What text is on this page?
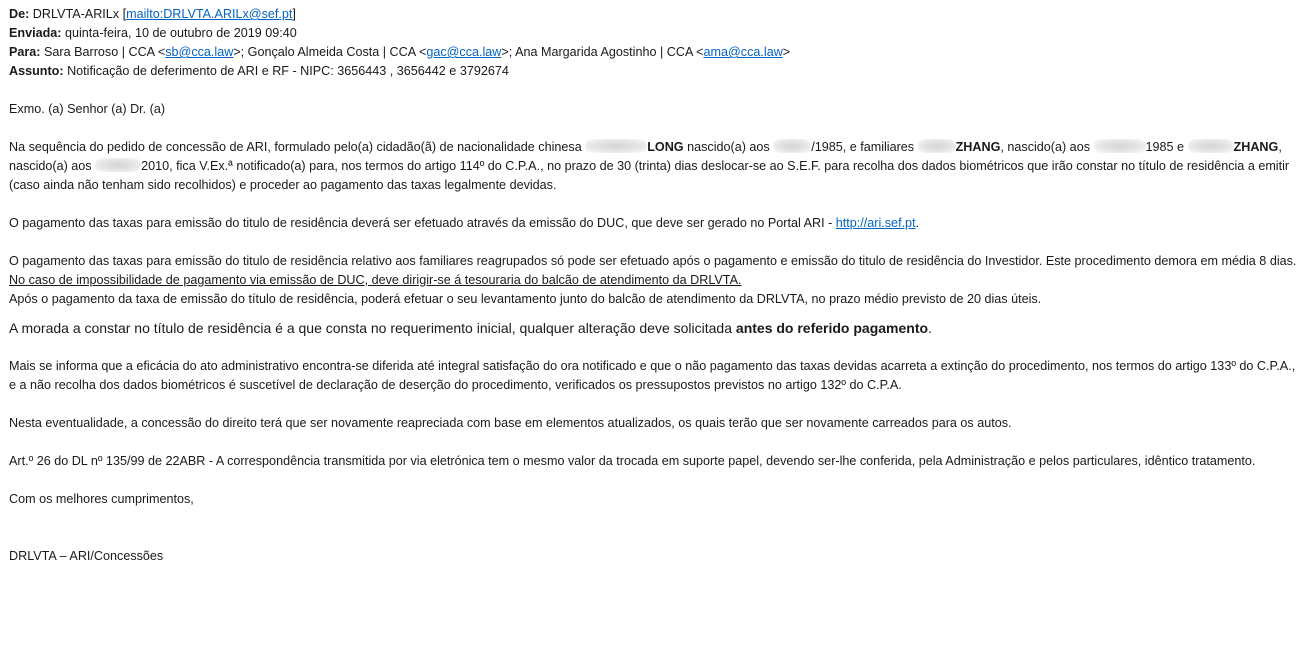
De: DRLVTA-ARILx [mailto:DRLVTA.ARILx@sef.pt]
Enviada: quinta-feira, 10 de outubro de 2019 09:40
Para: Sara Barroso | CCA <sb@cca.law>; Gonçalo Almeida Costa | CCA <gac@cca.law>; Ana Margarida Agostinho | CCA <ama@cca.law>
Assunto: Notificação de deferimento de ARI e RF - NIPC: 3656443 , 3656442 e 3792674

Exmo. (a) Senhor (a) Dr. (a)

Na sequência do pedido de concessão de ARI, formulado pelo(a) cidadão(ã) de nacionalidade chinesa	LONG nascido(a) aos	/1985, e familiares	ZHANG, nascido(a) aos	1985 e	ZHANG, nascido(a) aos	2010, fica V.Ex.ª notificado(a) para, nos termos do artigo 114º do C.P.A., no prazo de 30 (trinta) dias deslocar-se ao S.E.F. para recolha dos dados biométricos que irão constar no título de residência a emitir (caso ainda não tenham sido recolhidos) e proceder ao pagamento das taxas legalmente devidas.

O pagamento das taxas para emissão do titulo de residência deverá ser efetuado através da emissão do DUC, que deve ser gerado no Portal ARI - http://ari.sef.pt.

O pagamento das taxas para emissão do titulo de residência relativo aos familiares reagrupados só pode ser efetuado após o pagamento e emissão do titulo de residência do Investidor. Este procedimento demora em média 8 dias.

No caso de impossibilidade de pagamento via emissão de DUC, deve dirigir-se á tesouraria do balcão de atendimento da DRLVTA.

Após o pagamento da taxa de emissão do título de residência, poderá efetuar o seu levantamento junto do balcão de atendimento da DRLVTA, no prazo médio previsto de 20 dias úteis.

A morada a constar no título de residência é a que consta no requerimento inicial, qualquer alteração deve solicitada antes do referido pagamento.

Mais se informa que a eficácia do ato administrativo encontra-se diferida até integral satisfação do ora notificado e que o não pagamento das taxas devidas acarreta a extinção do procedimento, nos termos do artigo 133º do C.P.A., e a não recolha dos dados biométricos é suscetível de declaração de deserção do procedimento, verificados os pressupostos previstos no artigo 132º do C.P.A.

Nesta eventualidade, a concessão do direito terá que ser novamente reapreciada com base em elementos atualizados, os quais terão que ser novamente carreados para os autos.

Art.º 26 do DL nº 135/99 de 22ABR - A correspondência transmitida por via eletrónica tem o mesmo valor da trocada em suporte papel, devendo ser-lhe conferida, pela Administração e pelos particulares, idêntico tratamento.

Com os melhores cumprimentos,

DRLVTA – ARI/Concessões
